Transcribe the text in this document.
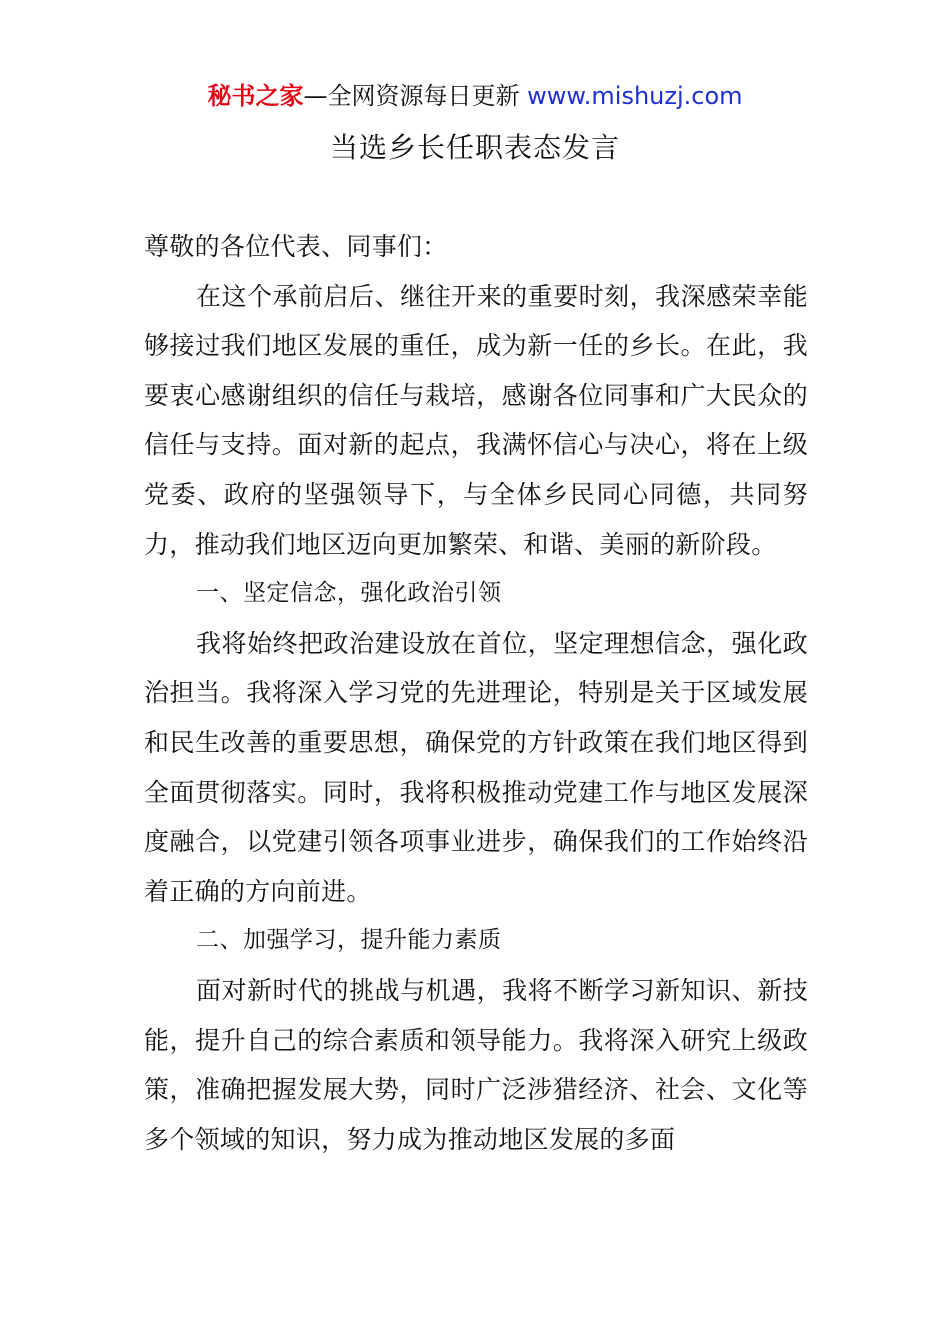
秘书之家—全网资源每日更新 www.mishuzj.com
当选乡长任职表态发言

尊敬的各位代表、同事们：

在这个承前启后、继往开来的重要时刻，我深感荣幸能够接过我们地区发展的重任，成为新一任的乡长。在此，我要衷心感谢组织的信任与栽培，感谢各位同事和广大民众的信任与支持。面对新的起点，我满怀信心与决心，将在上级党委、政府的坚强领导下，与全体乡民同心同德，共同努力，推动我们地区迈向更加繁荣、和谐、美丽的新阶段。

一、坚定信念，强化政治引领

我将始终把政治建设放在首位，坚定理想信念，强化政治担当。我将深入学习党的先进理论，特别是关于区域发展和民生改善的重要思想，确保党的方针政策在我们地区得到全面贯彻落实。同时，我将积极推动党建工作与地区发展深度融合，以党建引领各项事业进步，确保我们的工作始终沿着正确的方向前进。

二、加强学习，提升能力素质

面对新时代的挑战与机遇，我将不断学习新知识、新技能，提升自己的综合素质和领导能力。我将深入研究上级政策，准确把握发展大势，同时广泛涉猎经济、社会、文化等多个领域的知识，努力成为推动地区发展的多面
